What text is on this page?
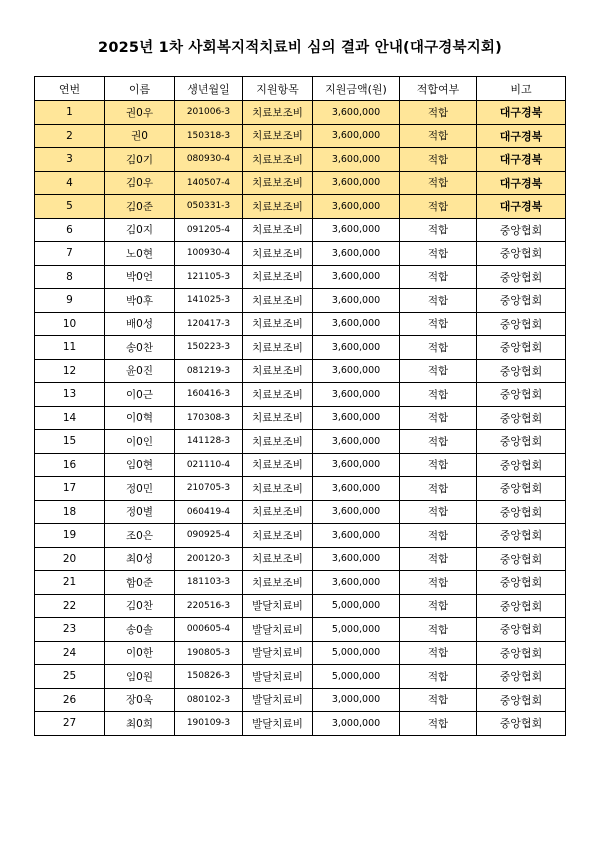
2025년 1차 사회복지적치료비 심의 결과 안내(대구경북지회)
연번	이름	생년월일	지원항목	지원금액(원)	적합여부	비고
1	권0우	201006-3	치료보조비	3,600,000	적합	대구경북
2	권0	150318-3	치료보조비	3,600,000	적합	대구경북
3	김0기	080930-4	치료보조비	3,600,000	적합	대구경북
4	김0우	140507-4	치료보조비	3,600,000	적합	대구경북
5	김0준	050331-3	치료보조비	3,600,000	적합	대구경북
6	김0지	091205-4	치료보조비	3,600,000	적합	중앙협회
7	노0현	100930-4	치료보조비	3,600,000	적합	중앙협회
8	박0언	121105-3	치료보조비	3,600,000	적합	중앙협회
9	박0후	141025-3	치료보조비	3,600,000	적합	중앙협회
10	배0성	120417-3	치료보조비	3,600,000	적합	중앙협회
11	송0찬	150223-3	치료보조비	3,600,000	적합	중앙협회
12	윤0진	081219-3	치료보조비	3,600,000	적합	중앙협회
13	이0근	160416-3	치료보조비	3,600,000	적합	중앙협회
14	이0혁	170308-3	치료보조비	3,600,000	적합	중앙협회
15	이0인	141128-3	치료보조비	3,600,000	적합	중앙협회
16	임0현	021110-4	치료보조비	3,600,000	적합	중앙협회
17	정0민	210705-3	치료보조비	3,600,000	적합	중앙협회
18	정0별	060419-4	치료보조비	3,600,000	적합	중앙협회
19	조0은	090925-4	치료보조비	3,600,000	적합	중앙협회
20	최0성	200120-3	치료보조비	3,600,000	적합	중앙협회
21	함0준	181103-3	치료보조비	3,600,000	적합	중앙협회
22	김0찬	220516-3	발달치료비	5,000,000	적합	중앙협회
23	송0솔	000605-4	발달치료비	5,000,000	적합	중앙협회
24	이0한	190805-3	발달치료비	5,000,000	적합	중앙협회
25	임0원	150826-3	발달치료비	5,000,000	적합	중앙협회
26	장0욱	080102-3	발달치료비	3,000,000	적합	중앙협회
27	최0희	190109-3	발달치료비	3,000,000	적합	중앙협회
